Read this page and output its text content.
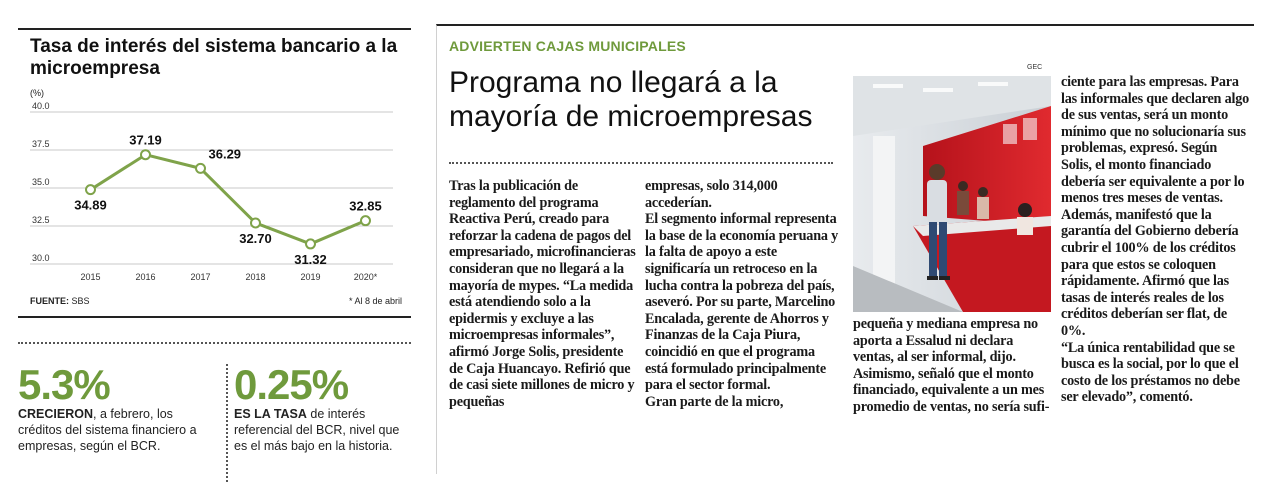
Tasa de interés del sistema bancario a la microempresa
(%)
40.0
37.5
35.0
32.5
30.0
2015	2016	2017	2018	2019	2020*
34.89
37.19
36.29
32.70
31.32
32.85
FUENTE: SBS	* Al 8 de abril
5.3%
CRECIERON, a febrero, los créditos del sistema financiero a empresas, según el BCR.
0.25%
ES LA TASA de interés referencial del BCR, nivel que es el más bajo en la historia.
ADVIERTEN CAJAS MUNICIPALES
Programa no llegará a la mayoría de microempresas

Tras la publicación de reglamento del programa Reactiva Perú, creado para reforzar la cadena de pagos del empresariado, microfinancieras consideran que no llegará a la mayoría de mypes. “La medida está atendiendo solo a la epidermis y excluye a las microempresas informales”, afirmó Jorge Solis, presidente de Caja Huancayo. Refirió que de casi siete millones de micro y pequeñas

empresas, solo 314,000 accederían.

El segmento informal representa la base de la economía peruana y la falta de apoyo a este significaría un retroceso en la lucha contra la pobreza del país, aseveró. Por su parte, Marcelino Encalada, gerente de Ahorros y Finanzas de la Caja Piura, coincidió en que el programa está formulado principalmente para el sector formal.

Gran parte de la micro,

GEC

pequeña y mediana empresa no aporta a Essalud ni declara ventas, al ser informal, dijo.

Asimismo, señaló que el monto financiado, equivalente a un mes promedio de ventas, no sería sufi-

ciente para las empresas. Para las informales que declaren algo de sus ventas, será un monto mínimo que no solucionaría sus problemas, expresó. Según Solis, el monto financiado debería ser equivalente a por lo menos tres meses de ventas.

Además, manifestó que la garantía del Gobierno debería cubrir el 100% de los créditos para que estos se coloquen rápidamente. Afirmó que las tasas de interés reales de los créditos deberían ser flat, de 0%.

“La única rentabilidad que se busca es la social, por lo que el costo de los préstamos no debe ser elevado”, comentó.
